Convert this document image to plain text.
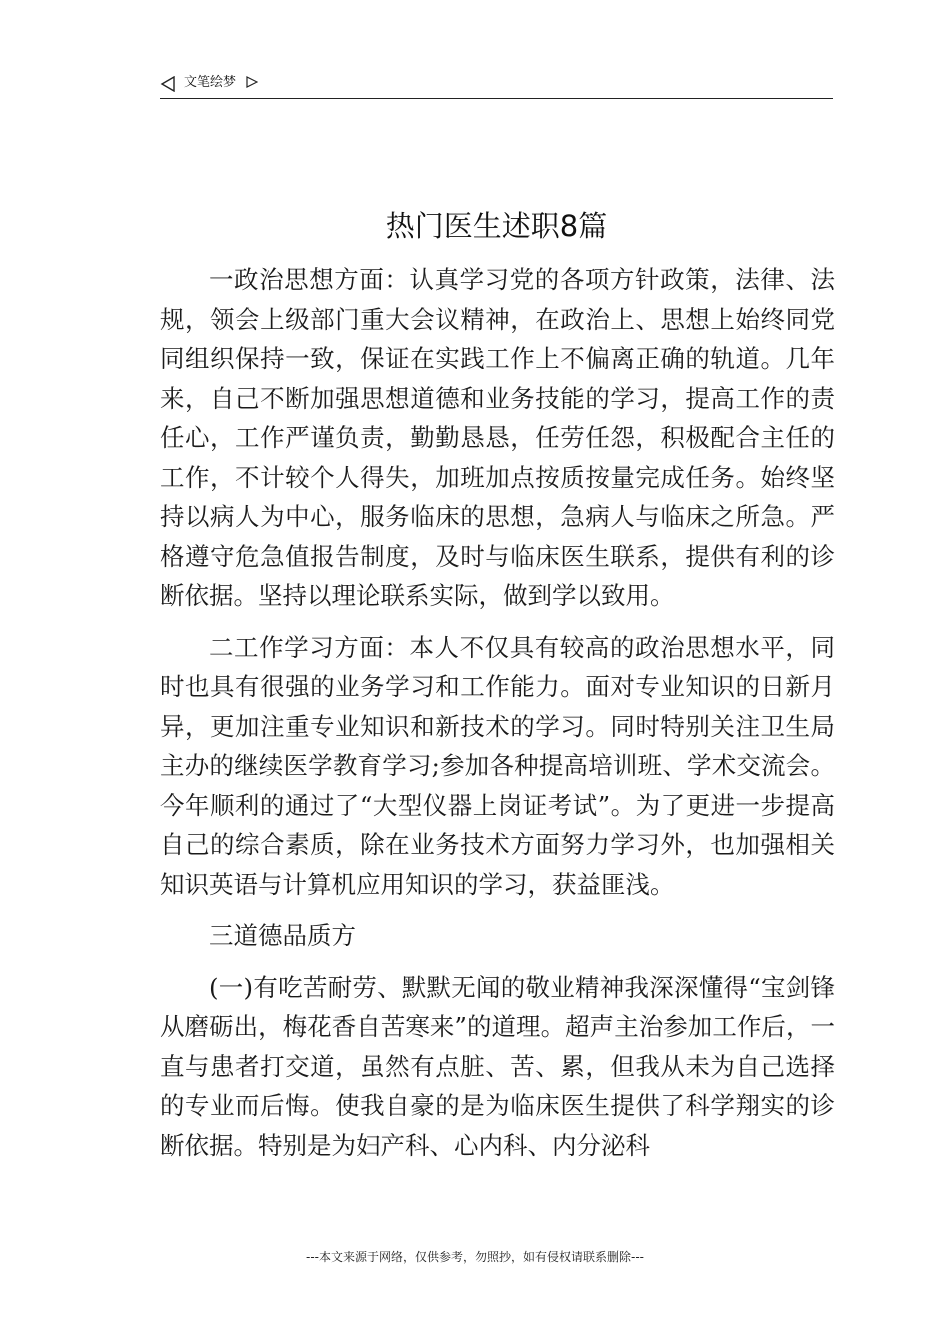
文笔绘梦
热门医生述职8篇

一政治思想方面：认真学习党的各项方针政策，法律、法规，领会上级部门重大会议精神，在政治上、思想上始终同党同组织保持一致，保证在实践工作上不偏离正确的轨道。几年来，自己不断加强思想道德和业务技能的学习，提高工作的责任心，工作严谨负责，勤勤恳恳，任劳任怨，积极配合主任的工作，不计较个人得失，加班加点按质按量完成任务。始终坚持以病人为中心，服务临床的思想，急病人与临床之所急。严格遵守危急值报告制度，及时与临床医生联系，提供有利的诊断依据。坚持以理论联系实际，做到学以致用。

二工作学习方面：本人不仅具有较高的政治思想水平，同时也具有很强的业务学习和工作能力。面对专业知识的日新月异，更加注重专业知识和新技术的学习。同时特别关注卫生局主办的继续医学教育学习;参加各种提高培训班、学术交流会。今年顺利的通过了“大型仪器上岗证考试”。为了更进一步提高自己的综合素质，除在业务技术方面努力学习外，也加强相关知识英语与计算机应用知识的学习，获益匪浅。

三道德品质方

(一)有吃苦耐劳、默默无闻的敬业精神我深深懂得“宝剑锋从磨砺出，梅花香自苦寒来”的道理。超声主治参加工作后，一直与患者打交道，虽然有点脏、苦、累，但我从未为自己选择的专业而后悔。使我自豪的是为临床医生提供了科学翔实的诊断依据。特别是为妇产科、心内科、内分泌科

---本文来源于网络，仅供参考，勿照抄，如有侵权请联系删除---
